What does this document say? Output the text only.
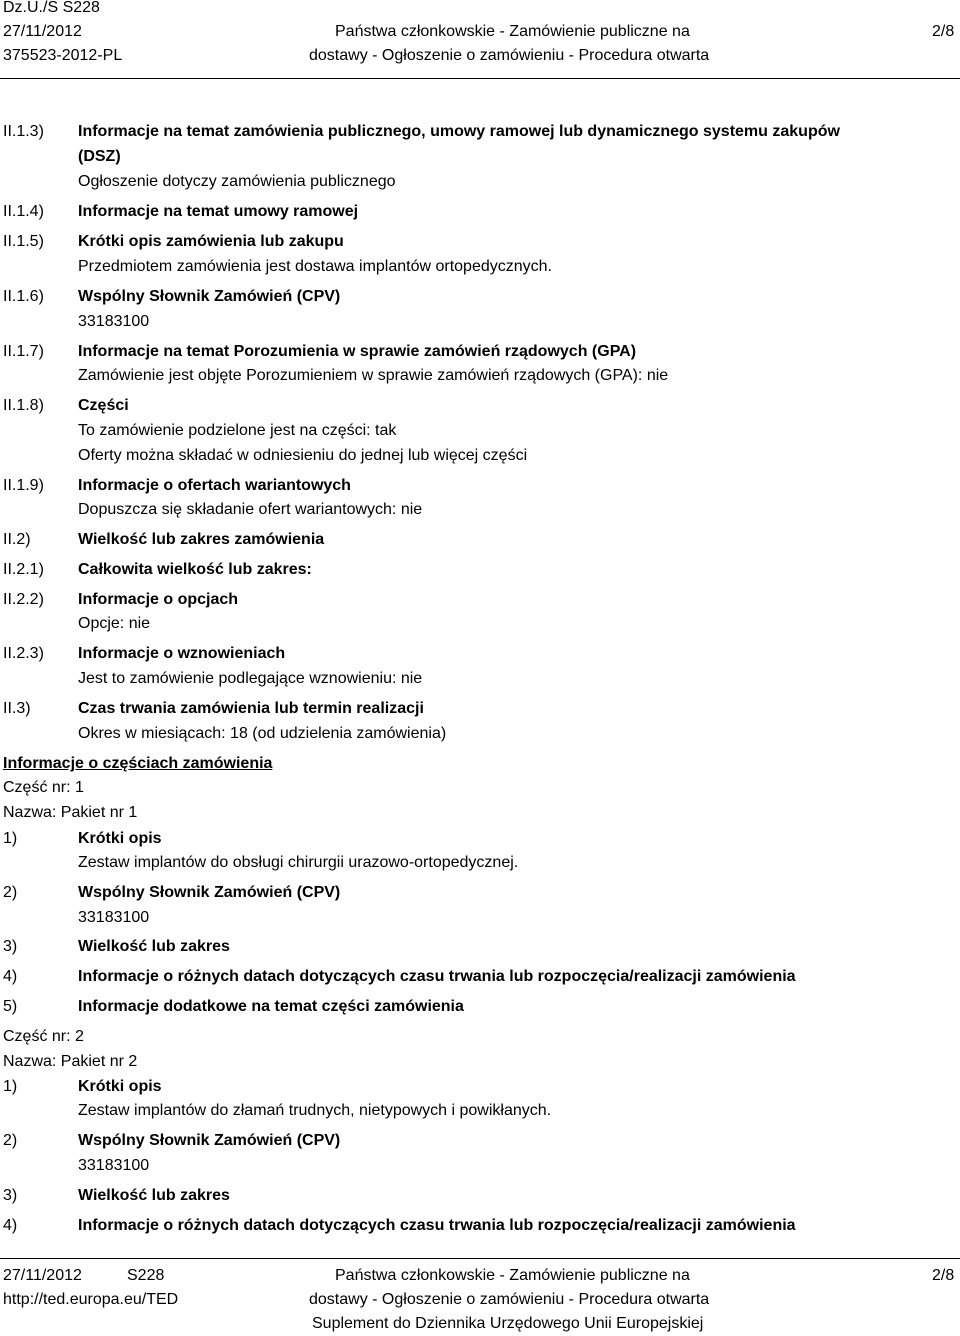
Dz.U./S S228
27/11/2012
375523-2012-PL
Państwa członkowskie - Zamówienie publiczne na
dostawy - Ogłoszenie o zamówieniu - Procedura otwarta
2/8
II.1.3) Informacje na temat zamówienia publicznego, umowy ramowej lub dynamicznego systemu zakupów
(DSZ)
Ogłoszenie dotyczy zamówienia publicznego
II.1.4) Informacje na temat umowy ramowej
II.1.5) Krótki opis zamówienia lub zakupu
Przedmiotem zamówienia jest dostawa implantów ortopedycznych.
II.1.6) Wspólny Słownik Zamówień (CPV)
33183100
II.1.7) Informacje na temat Porozumienia w sprawie zamówień rządowych (GPA)
Zamówienie jest objęte Porozumieniem w sprawie zamówień rządowych (GPA): nie
II.1.8) Części
To zamówienie podzielone jest na części: tak
Oferty można składać w odniesieniu do jednej lub więcej części
II.1.9) Informacje o ofertach wariantowych
Dopuszcza się składanie ofert wariantowych: nie
II.2)	Wielkość lub zakres zamówienia
II.2.1) Całkowita wielkość lub zakres:
II.2.2) Informacje o opcjach
Opcje: nie
II.2.3) Informacje o wznowieniach
Jest to zamówienie podlegające wznowieniu: nie
II.3)	Czas trwania zamówienia lub termin realizacji
Okres w miesiącach: 18 (od udzielenia zamówienia)
Informacje o częściach zamówienia
Część nr: 1
Nazwa: Pakiet nr 1
1)	Krótki opis
Zestaw implantów do obsługi chirurgii urazowo-ortopedycznej.
2)	Wspólny Słownik Zamówień (CPV)
33183100
3)	Wielkość lub zakres
4)	Informacje o różnych datach dotyczących czasu trwania lub rozpoczęcia/realizacji zamówienia
5)	Informacje dodatkowe na temat części zamówienia
Część nr: 2
Nazwa: Pakiet nr 2
1)	Krótki opis
Zestaw implantów do złamań trudnych, nietypowych i powikłanych.
2)	Wspólny Słownik Zamówień (CPV)
33183100
3)	Wielkość lub zakres
4)	Informacje o różnych datach dotyczących czasu trwania lub rozpoczęcia/realizacji zamówienia
27/11/2012	S228
http://ted.europa.eu/TED
Państwa członkowskie - Zamówienie publiczne na
dostawy - Ogłoszenie o zamówieniu - Procedura otwarta
Suplement do Dziennika Urzędowego Unii Europejskiej
2/8
